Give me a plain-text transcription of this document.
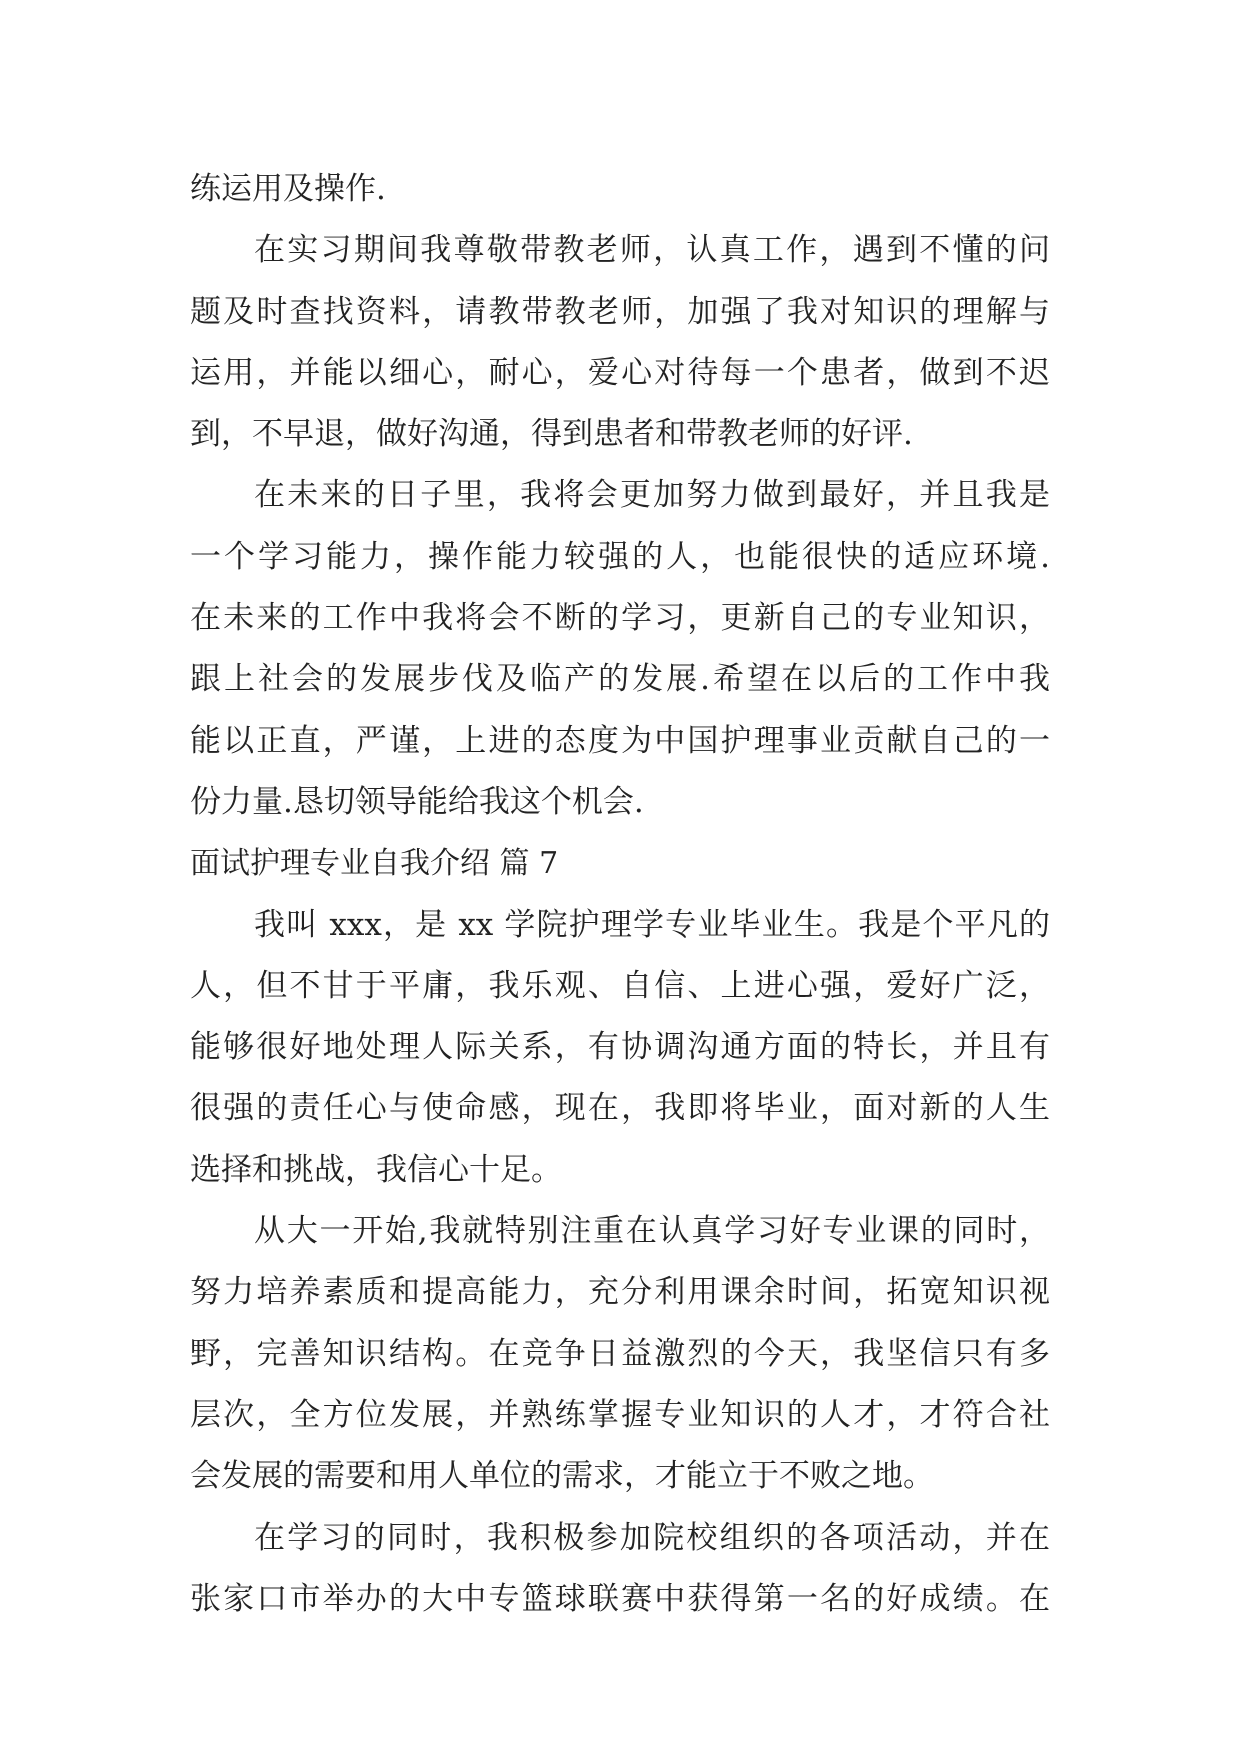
练运用及操作.
在实习期间我尊敬带教老师，认真工作，遇到不懂的问
题及时查找资料，请教带教老师，加强了我对知识的理解与
运用，并能以细心，耐心，爱心对待每一个患者，做到不迟
到，不早退，做好沟通，得到患者和带教老师的好评.
在未来的日子里，我将会更加努力做到最好，并且我是
一个学习能力，操作能力较强的人，也能很快的适应环境.
在未来的工作中我将会不断的学习，更新自己的专业知识，
跟上社会的发展步伐及临产的发展.希望在以后的工作中我
能以正直，严谨，上进的态度为中国护理事业贡献自己的一
份力量.恳切领导能给我这个机会.
面试护理专业自我介绍 篇 7
我叫 xxx，是 xx 学院护理学专业毕业生。我是个平凡的
人，但不甘于平庸，我乐观、自信、上进心强，爱好广泛，
能够很好地处理人际关系，有协调沟通方面的特长，并且有
很强的责任心与使命感，现在，我即将毕业，面对新的人生
选择和挑战，我信心十足。
从大一开始,我就特别注重在认真学习好专业课的同时，
努力培养素质和提高能力，充分利用课余时间，拓宽知识视
野，完善知识结构。在竞争日益激烈的今天，我坚信只有多
层次，全方位发展，并熟练掌握专业知识的人才，才符合社
会发展的需要和用人单位的需求，才能立于不败之地。
在学习的同时，我积极参加院校组织的各项活动，并在
张家口市举办的大中专篮球联赛中获得第一名的好成绩。在
